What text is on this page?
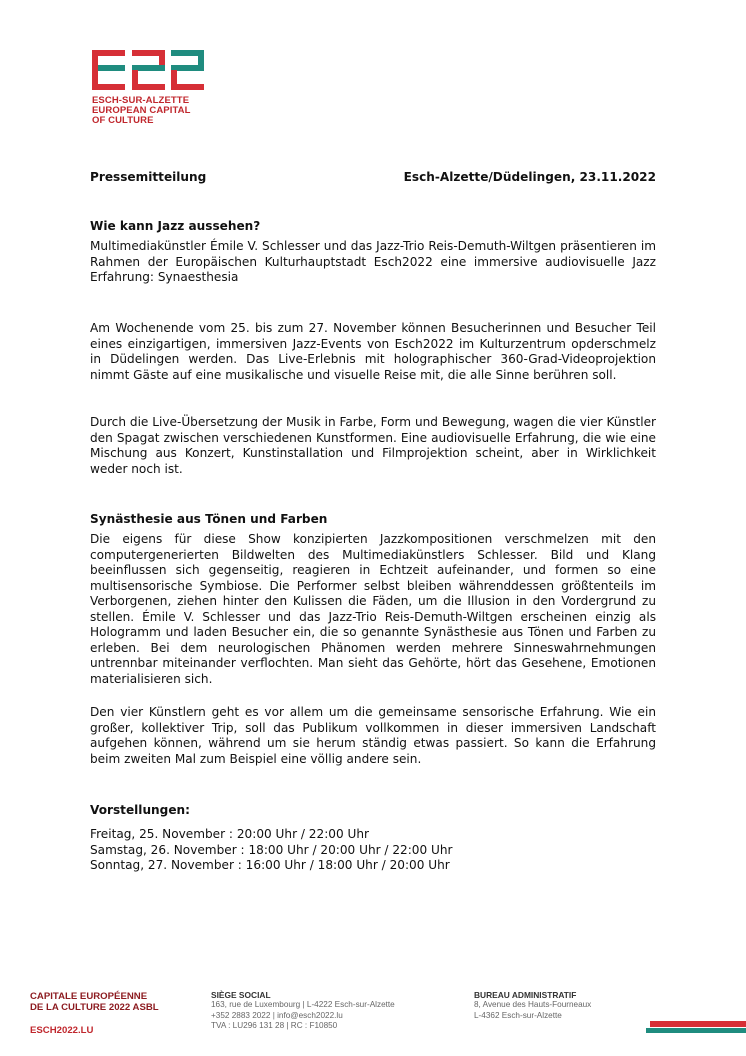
ESCH-SUR-ALZETTE
EUROPEAN CAPITAL
OF CULTURE
Pressemitteilung	Esch-Alzette/Düdelingen, 23.11.2022
Wie kann Jazz aussehen?

Multimediakünstler Émile V. Schlesser und das Jazz-Trio Reis-Demuth-Wiltgen präsentieren im Rahmen der Europäischen Kulturhauptstadt Esch2022 eine immersive audiovisuelle Jazz Erfahrung: Synaesthesia

Am Wochenende vom 25. bis zum 27. November können Besucherinnen und Besucher Teil eines einzigartigen, immersiven Jazz-Events von Esch2022 im Kulturzentrum opderschmelz in Düdelingen werden. Das Live-Erlebnis mit holographischer 360-Grad-Videoprojektion nimmt Gäste auf eine musikalische und visuelle Reise mit, die alle Sinne berühren soll.

Durch die Live-Übersetzung der Musik in Farbe, Form und Bewegung, wagen die vier Künstler den Spagat zwischen verschiedenen Kunstformen. Eine audiovisuelle Erfahrung, die wie eine Mischung aus Konzert, Kunstinstallation und Filmprojektion scheint, aber in Wirklichkeit weder noch ist.

Synästhesie aus Tönen und Farben

Die eigens für diese Show konzipierten Jazzkompositionen verschmelzen mit den computergenerierten Bildwelten des Multimediakünstlers Schlesser. Bild und Klang beeinflussen sich gegenseitig, reagieren in Echtzeit aufeinander, und formen so eine multisensorische Symbiose. Die Performer selbst bleiben währenddessen größtenteils im Verborgenen, ziehen hinter den Kulissen die Fäden, um die Illusion in den Vordergrund zu stellen. Émile V. Schlesser und das Jazz-Trio Reis-Demuth-Wiltgen erscheinen einzig als Hologramm und laden Besucher ein, die so genannte Synästhesie aus Tönen und Farben zu erleben. Bei dem neurologischen Phänomen werden mehrere Sinneswahrnehmungen untrennbar miteinander verflochten. Man sieht das Gehörte, hört das Gesehene, Emotionen materialisieren sich.

Den vier Künstlern geht es vor allem um die gemeinsame sensorische Erfahrung. Wie ein großer, kollektiver Trip, soll das Publikum vollkommen in dieser immersiven Landschaft aufgehen können, während um sie herum ständig etwas passiert. So kann die Erfahrung beim zweiten Mal zum Beispiel eine völlig andere sein.

Vorstellungen:
Freitag, 25. November : 20:00 Uhr / 22:00 Uhr
Samstag, 26. November : 18:00 Uhr / 20:00 Uhr / 22:00 Uhr
Sonntag, 27. November : 16:00 Uhr / 18:00 Uhr / 20:00 Uhr
CAPITALE EUROPÉENNE
DE LA CULTURE 2022 ASBL
ESCH2022.LU
SIÈGE SOCIAL
163, rue de Luxembourg | L-4222 Esch-sur-Alzette
+352 2883 2022 | info@esch2022.lu
TVA : LU296 131 28 | RC : F10850
BUREAU ADMINISTRATIF
8, Avenue des Hauts-Fourneaux
L-4362 Esch-sur-Alzette
